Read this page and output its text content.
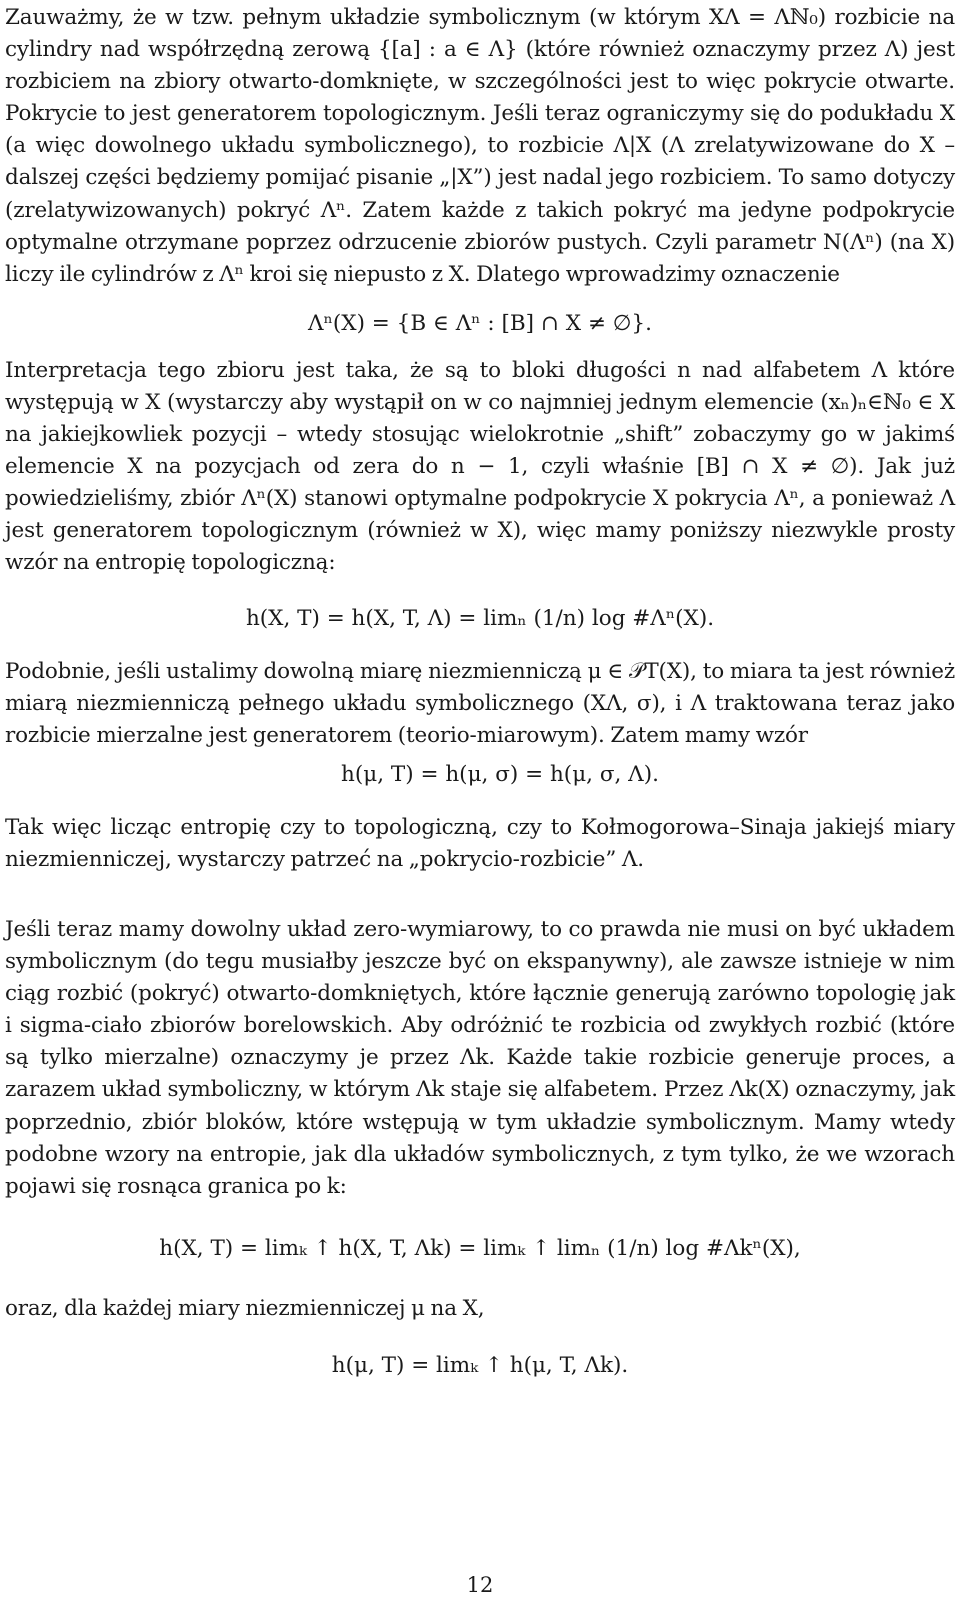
Zauważmy, że w tzw. pełnym układzie symbolicznym (w którym XΛ = Λℕ₀) rozbicie na cylindry nad współrzędną zerową {[a] : a ∈ Λ} (które również oznaczymy przez Λ) jest rozbiciem na zbiory otwarto-domknięte, w szczególności jest to więc pokrycie otwarte. Pokrycie to jest generatorem topologicznym. Jeśli teraz ograniczymy się do podukładu X (a więc dowolnego układu symbolicznego), to rozbicie Λ|X (Λ zrelatywizowane do X – dalszej części będziemy pomijać pisanie „|X”) jest nadal jego rozbiciem. To samo dotyczy (zrelatywizowanych) pokryć Λⁿ. Zatem każde z takich pokryć ma jedyne podpokrycie optymalne otrzymane poprzez odrzucenie zbiorów pustych. Czyli parametr N(Λⁿ) (na X) liczy ile cylindrów z Λⁿ kroi się niepusto z X. Dlatego wprowadzimy oznaczenie

Λⁿ(X) = {B ∈ Λⁿ : [B] ∩ X ≠ ∅}.

Interpretacja tego zbioru jest taka, że są to bloki długości n nad alfabetem Λ które występują w X (wystarczy aby wystąpił on w co najmniej jednym elemencie (xₙ)ₙ∈ℕ₀ ∈ X na jakiejkowliek pozycji – wtedy stosując wielokrotnie „shift” zobaczymy go w jakimś elemencie X na pozycjach od zera do n − 1, czyli właśnie [B] ∩ X ≠ ∅). Jak już powiedzieliśmy, zbiór Λⁿ(X) stanowi optymalne podpokrycie X pokrycia Λⁿ, a ponieważ Λ jest generatorem topologicznym (również w X), więc mamy poniższy niezwykle prosty wzór na entropię topologiczną:

h(X, T) = h(X, T, Λ) = limₙ (1/n) log #Λⁿ(X).

Podobnie, jeśli ustalimy dowolną miarę niezmienniczą μ ∈ 𝒫T(X), to miara ta jest również miarą niezmienniczą pełnego układu symbolicznego (XΛ, σ), i Λ traktowana teraz jako rozbicie mierzalne jest generatorem (teorio-miarowym). Zatem mamy wzór

h(μ, T) = h(μ, σ) = h(μ, σ, Λ).

Tak więc licząc entropię czy to topologiczną, czy to Kołmogorowa–Sinaja jakiejś miary niezmienniczej, wystarczy patrzeć na „pokrycio-rozbicie” Λ.

Jeśli teraz mamy dowolny układ zero-wymiarowy, to co prawda nie musi on być układem symbolicznym (do tegu musiałby jeszcze być on ekspanywny), ale zawsze istnieje w nim ciąg rozbić (pokryć) otwarto-domkniętych, które łącznie generują zarówno topologię jak i sigma-ciało zbiorów borelowskich. Aby odróżnić te rozbicia od zwykłych rozbić (które są tylko mierzalne) oznaczymy je przez Λk. Każde takie rozbicie generuje proces, a zarazem układ symboliczny, w którym Λk staje się alfabetem. Przez Λk(X) oznaczymy, jak poprzednio, zbiór bloków, które wstępują w tym układzie symbolicznym. Mamy wtedy podobne wzory na entropie, jak dla układów symbolicznych, z tym tylko, że we wzorach pojawi się rosnąca granica po k:

h(X, T) = limₖ ↑ h(X, T, Λk) = limₖ ↑ limₙ (1/n) log #Λkⁿ(X),

oraz, dla każdej miary niezmienniczej μ na X,

h(μ, T) = limₖ ↑ h(μ, T, Λk).
12
